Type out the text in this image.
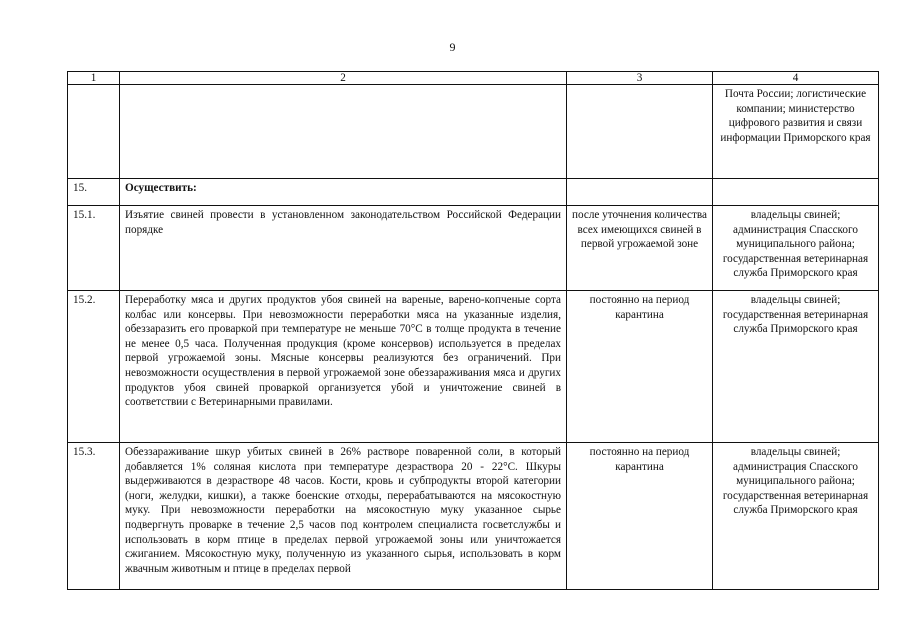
9
1	2	3	4
			Почта России; логистические компании; министерство цифрового развития и связи информации Приморского края
15.	Осуществить:		
15.1.	Изъятие свиней провести в установленном законодательством Российской Федерации порядке	после уточнения количества всех имеющихся свиней в первой угрожаемой зоне	владельцы свиней; администрация Спасского муниципального района; государственная ветеринарная служба Приморского края
15.2.	Переработку мяса и других продуктов убоя свиней на вареные, варено-копченые сорта колбас или консервы. При невозможности переработки мяса на указанные изделия, обеззаразить его проваркой при температуре не меньше 70°С в толще продукта в течение не менее 0,5 часа. Полученная продукция (кроме консервов) используется в пределах первой угрожаемой зоны. Мясные консервы реализуются без ограничений. При невозможности осуществления в первой угрожаемой зоне обеззараживания мяса и других продуктов убоя свиней проваркой организуется убой и уничтожение свиней в соответствии с Ветеринарными правилами.	постоянно на период карантина	владельцы свиней; государственная ветеринарная служба Приморского края
15.3.	Обеззараживание шкур убитых свиней в 26% растворе поваренной соли, в который добавляется 1% соляная кислота при температуре дезраствора 20 - 22°С. Шкуры выдерживаются в дезрастворе 48 часов. Кости, кровь и субпродукты второй категории (ноги, желудки, кишки), а также боенские отходы, перерабатываются на мясокостную муку. При невозможности переработки на мясокостную муку указанное сырье подвергнуть проварке в течение 2,5 часов под контролем специалиста госветслужбы и использовать в корм птице в пределах первой угрожаемой зоны или уничтожается сжиганием. Мясокостную муку, полученную из указанного сырья, использовать в корм жвачным животным и птице в пределах первой	постоянно на период карантина	владельцы свиней; администрация Спасского муниципального района; государственная ветеринарная служба Приморского края
